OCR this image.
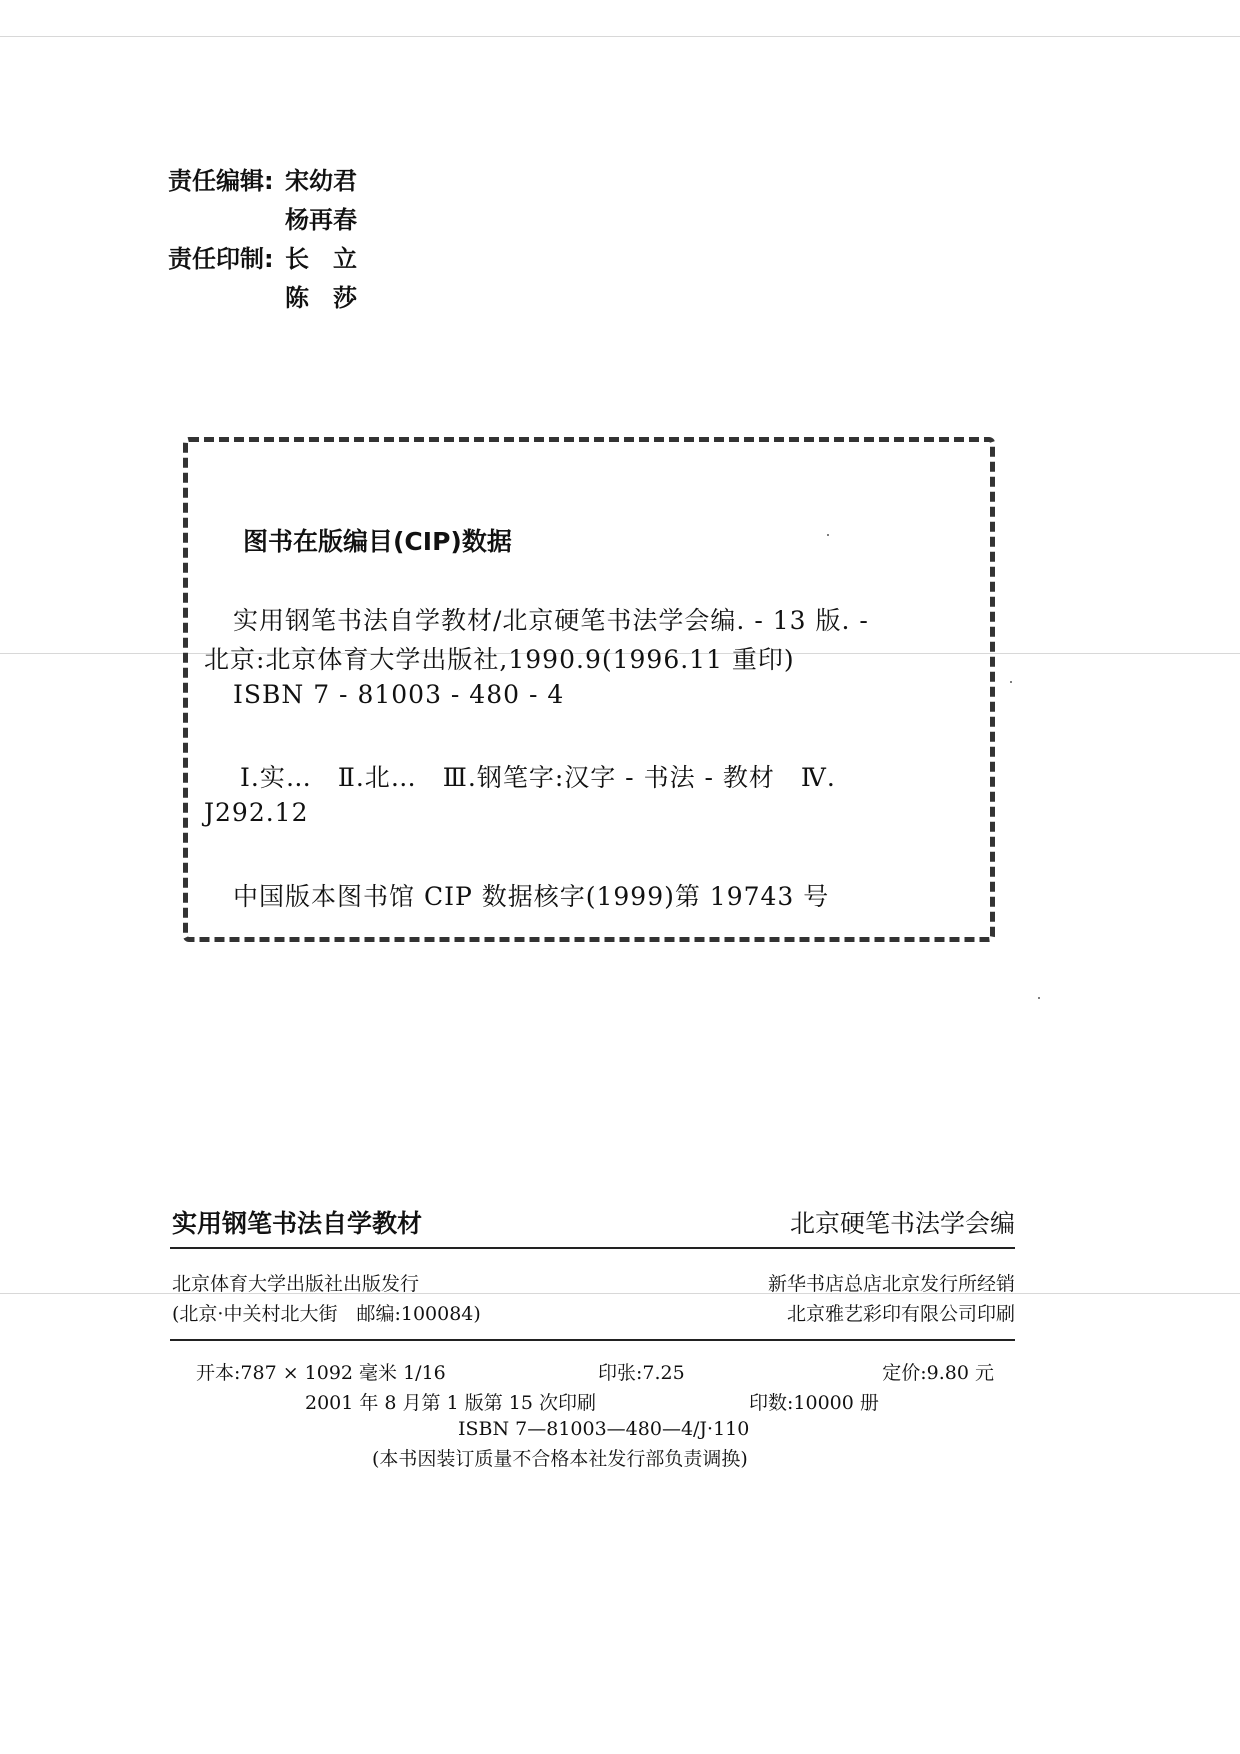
责任编辑: 宋幼君
杨再春
责任印制: 长　立
陈　莎
图书在版编目(CIP)数据
实用钢笔书法自学教材/北京硬笔书法学会编. - 13 版. -
北京:北京体育大学出版社,1990.9(1996.11 重印)
ISBN 7 - 81003 - 480 - 4
Ⅰ.实…　Ⅱ.北…　Ⅲ.钢笔字:汉字 - 书法 - 教材　Ⅳ.
J292.12
中国版本图书馆 CIP 数据核字(1999)第 19743 号
实用钢笔书法自学教材	北京硬笔书法学会编
北京体育大学出版社出版发行	新华书店总店北京发行所经销
(北京·中关村北大街　邮编:100084)	北京雅艺彩印有限公司印刷
开本:787 × 1092 毫米 1/16	印张:7.25	定价:9.80 元
2001 年 8 月第 1 版第 15 次印刷	印数:10000 册
ISBN 7—81003—480—4/J·110
(本书因装订质量不合格本社发行部负责调换)
